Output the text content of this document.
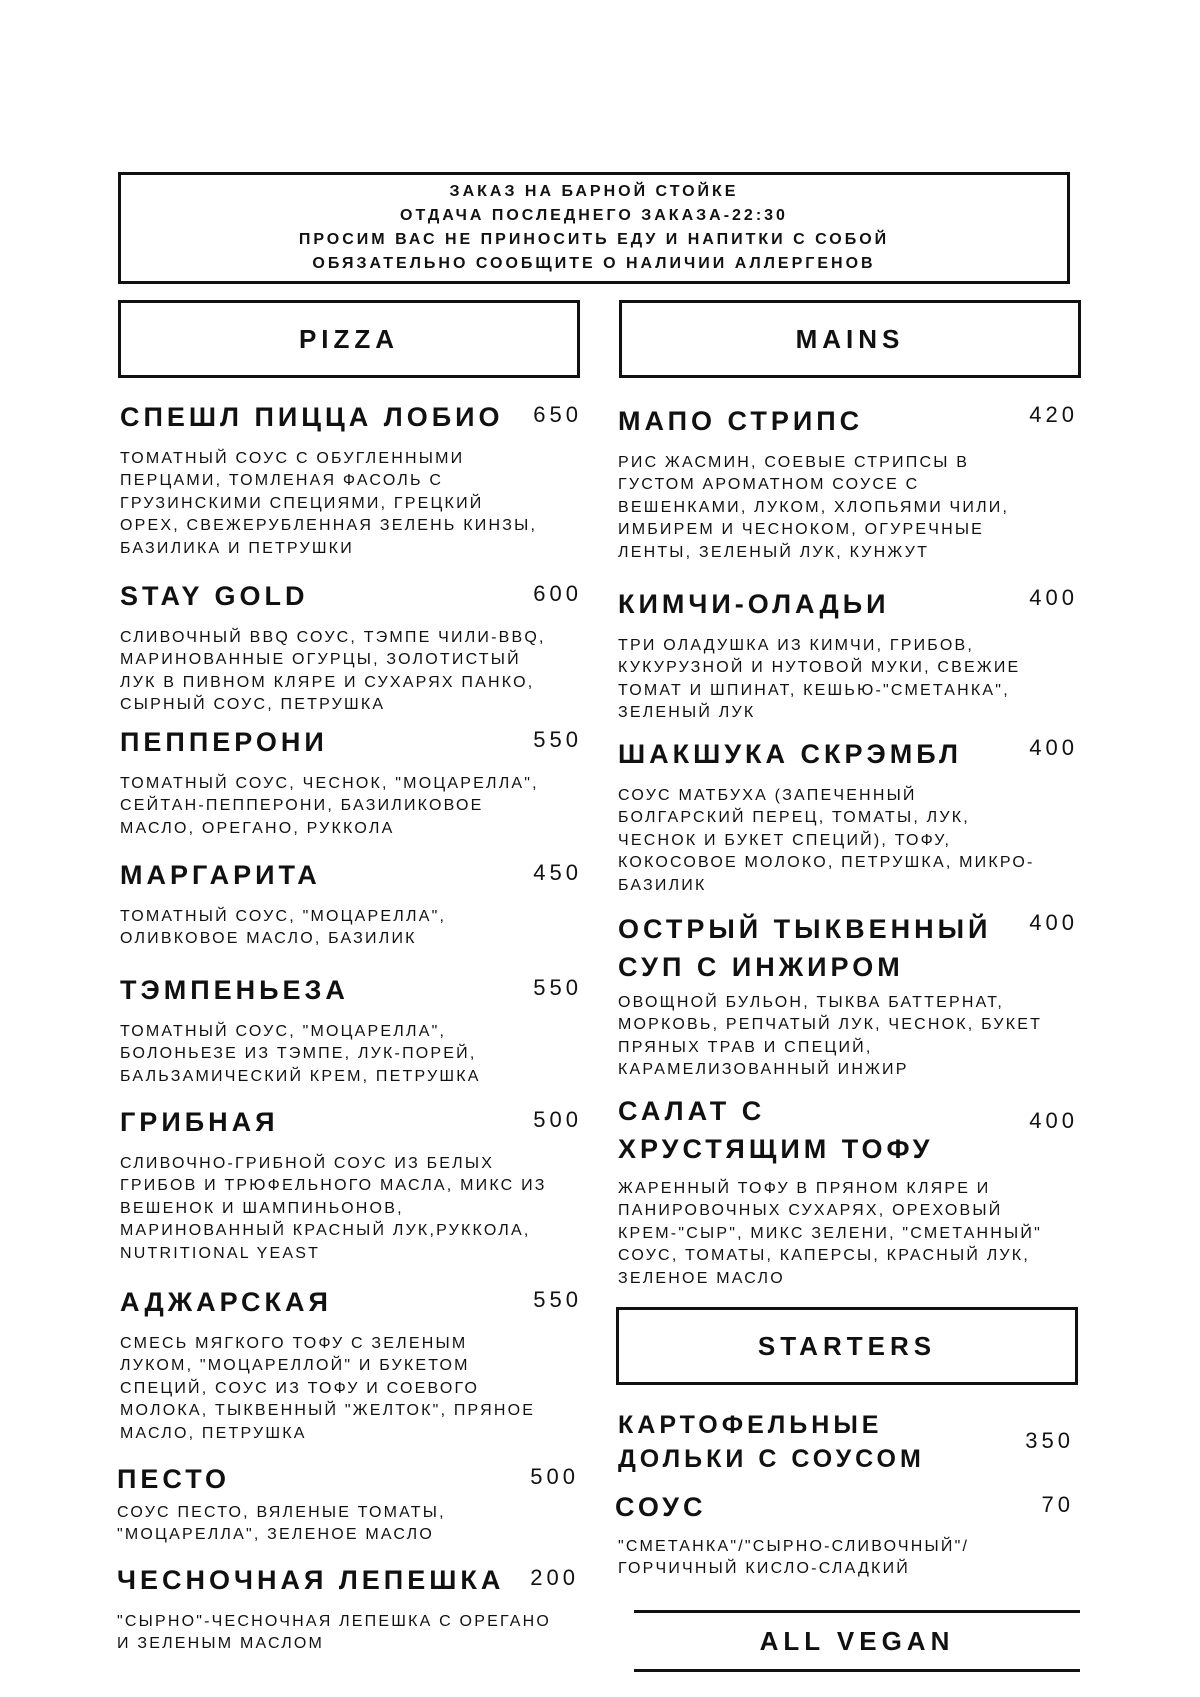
ЗАКАЗ НА БАРНОЙ СТОЙКЕ
ОТДАЧА ПОСЛЕДНЕГО ЗАКАЗА-22:30
ПРОСИМ ВАС НЕ ПРИНОСИТЬ ЕДУ И НАПИТКИ С СОБОЙ
ОБЯЗАТЕЛЬНО СООБЩИТЕ О НАЛИЧИИ АЛЛЕРГЕНОВ
PIZZA	MAINS
СПЕШЛ ПИЦЦА ЛОБИО	650
ТОМАТНЫЙ СОУС С ОБУГЛЕННЫМИ
ПЕРЦАМИ, ТОМЛЕНАЯ ФАСОЛЬ С
ГРУЗИНСКИМИ СПЕЦИЯМИ, ГРЕЦКИЙ
ОРЕХ, СВЕЖЕРУБЛЕННАЯ ЗЕЛЕНЬ КИНЗЫ,
БАЗИЛИКА И ПЕТРУШКИ
STAY GOLD	600
СЛИВОЧНЫЙ BBQ СОУС, ТЭМПЕ ЧИЛИ-BBQ,
МАРИНОВАННЫЕ ОГУРЦЫ, ЗОЛОТИСТЫЙ
ЛУК В ПИВНОМ КЛЯРЕ И СУХАРЯХ ПАНКО,
СЫРНЫЙ СОУС, ПЕТРУШКА
ПЕППЕРОНИ	550
ТОМАТНЫЙ СОУС, ЧЕСНОК, "МОЦАРЕЛЛА",
СЕЙТАН-ПЕППЕРОНИ, БАЗИЛИКОВОЕ
МАСЛО, ОРЕГАНО, РУККОЛА
МАРГАРИТА	450
ТОМАТНЫЙ СОУС, "МОЦАРЕЛЛА",
ОЛИВКОВОЕ МАСЛО, БАЗИЛИК
ТЭМПЕНЬЕЗА	550
ТОМАТНЫЙ СОУС, "МОЦАРЕЛЛА",
БОЛОНЬЕЗЕ ИЗ ТЭМПЕ, ЛУК-ПОРЕЙ,
БАЛЬЗАМИЧЕСКИЙ КРЕМ, ПЕТРУШКА
ГРИБНАЯ	500
СЛИВОЧНО-ГРИБНОЙ СОУС ИЗ БЕЛЫХ
ГРИБОВ И ТРЮФЕЛЬНОГО МАСЛА, МИКС ИЗ
ВЕШЕНОК И ШАМПИНЬОНОВ,
МАРИНОВАННЫЙ КРАСНЫЙ ЛУК,РУККОЛА,
NUTRITIONAL YEAST
АДЖАРСКАЯ	550
СМЕСЬ МЯГКОГО ТОФУ С ЗЕЛЕНЫМ
ЛУКОМ, "МОЦАРЕЛЛОЙ" И БУКЕТОМ
СПЕЦИЙ, СОУС ИЗ ТОФУ И СОЕВОГО
МОЛОКА, ТЫКВЕННЫЙ "ЖЕЛТОК", ПРЯНОЕ
МАСЛО, ПЕТРУШКА
ПЕСТО	500
СОУС ПЕСТО, ВЯЛЕНЫЕ ТОМАТЫ,
"МОЦАРЕЛЛА", ЗЕЛЕНОЕ МАСЛО
ЧЕСНОЧНАЯ ЛЕПЕШКА	200
"СЫРНО"-ЧЕСНОЧНАЯ ЛЕПЕШКА С ОРЕГАНО
И ЗЕЛЕНЫМ МАСЛОМ
МАПО СТРИПС	420
РИС ЖАСМИН, СОЕВЫЕ СТРИПСЫ В
ГУСТОМ АРОМАТНОМ СОУСЕ С
ВЕШЕНКАМИ, ЛУКОМ, ХЛОПЬЯМИ ЧИЛИ,
ИМБИРЕМ И ЧЕСНОКОМ, ОГУРЕЧНЫЕ
ЛЕНТЫ, ЗЕЛЕНЫЙ ЛУК, КУНЖУТ
КИМЧИ-ОЛАДЬИ	400
ТРИ ОЛАДУШКА ИЗ КИМЧИ, ГРИБОВ,
КУКУРУЗНОЙ И НУТОВОЙ МУКИ, СВЕЖИЕ
ТОМАТ И ШПИНАТ, КЕШЬЮ-"СМЕТАНКА",
ЗЕЛЕНЫЙ ЛУК
ШАКШУКА СКРЭМБЛ	400
СОУС МАТБУХА (ЗАПЕЧЕННЫЙ
БОЛГАРСКИЙ ПЕРЕЦ, ТОМАТЫ, ЛУК,
ЧЕСНОК И БУКЕТ СПЕЦИЙ), ТОФУ,
КОКОСОВОЕ МОЛОКО, ПЕТРУШКА, МИКРО-
БАЗИЛИК
ОСТРЫЙ ТЫКВЕННЫЙ
СУП С ИНЖИРОМ
400
ОВОЩНОЙ БУЛЬОН, ТЫКВА БАТТЕРНАТ,
МОРКОВЬ, РЕПЧАТЫЙ ЛУК, ЧЕСНОК, БУКЕТ
ПРЯНЫХ ТРАВ И СПЕЦИЙ,
КАРАМЕЛИЗОВАННЫЙ ИНЖИР
САЛАТ С
ХРУСТЯЩИМ ТОФУ
400
ЖАРЕННЫЙ ТОФУ В ПРЯНОМ КЛЯРЕ И
ПАНИРОВОЧНЫХ СУХАРЯХ, ОРЕХОВЫЙ
КРЕМ-"СЫР", МИКС ЗЕЛЕНИ, "СМЕТАННЫЙ"
СОУС, ТОМАТЫ, КАПЕРСЫ, КРАСНЫЙ ЛУК,
ЗЕЛЕНОЕ МАСЛО
STARTERS
КАРТОФЕЛЬНЫЕ
ДОЛЬКИ С СОУСОМ
350
СОУС	70
"СМЕТАНКА"/"СЫРНО-СЛИВОЧНЫЙ"/
ГОРЧИЧНЫЙ КИСЛО-СЛАДКИЙ
ALL VEGAN
